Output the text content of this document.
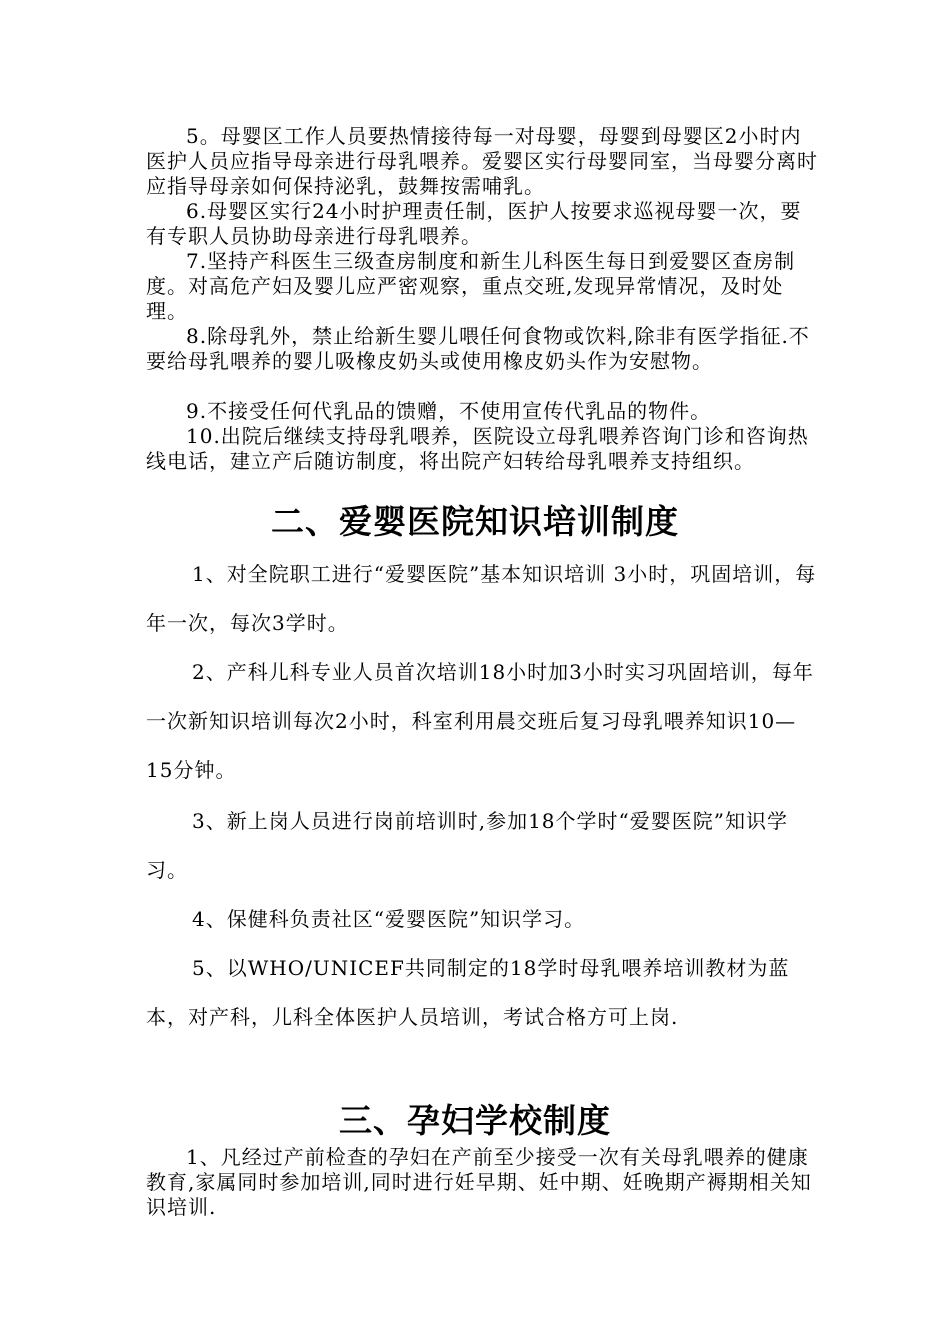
5。母婴区工作人员要热情接待每一对母婴，母婴到母婴区2小时内医护人员应指导母亲进行母乳喂养。爱婴区实行母婴同室，当母婴分离时应指导母亲如何保持泌乳，鼓舞按需哺乳。

6.母婴区实行24小时护理责任制，医护人按要求巡视母婴一次，要有专职人员协助母亲进行母乳喂养。

7.坚持产科医生三级查房制度和新生儿科医生每日到爱婴区查房制度。对高危产妇及婴儿应严密观察，重点交班,发现异常情况，及时处理。

8.除母乳外，禁止给新生婴儿喂任何食物或饮料,除非有医学指征.不要给母乳喂养的婴儿吸橡皮奶头或使用橡皮奶头作为安慰物。

9.不接受任何代乳品的馈赠，不使用宣传代乳品的物件。

10.出院后继续支持母乳喂养，医院设立母乳喂养咨询门诊和咨询热线电话，建立产后随访制度，将出院产妇转给母乳喂养支持组织。

二、爱婴医院知识培训制度

1、对全院职工进行“爱婴医院”基本知识培训 3小时，巩固培训，每年一次，每次3学时。

2、产科儿科专业人员首次培训18小时加3小时实习巩固培训，每年一次新知识培训每次2小时，科室利用晨交班后复习母乳喂养知识10—15分钟。

3、新上岗人员进行岗前培训时,参加18个学时“爱婴医院”知识学习。

4、保健科负责社区“爱婴医院”知识学习。

5、以WHO/UNICEF共同制定的18学时母乳喂养培训教材为蓝本，对产科，儿科全体医护人员培训，考试合格方可上岗.

三、孕妇学校制度

1、凡经过产前检查的孕妇在产前至少接受一次有关母乳喂养的健康教育,家属同时参加培训,同时进行妊早期、妊中期、妊晚期产褥期相关知识培训.
